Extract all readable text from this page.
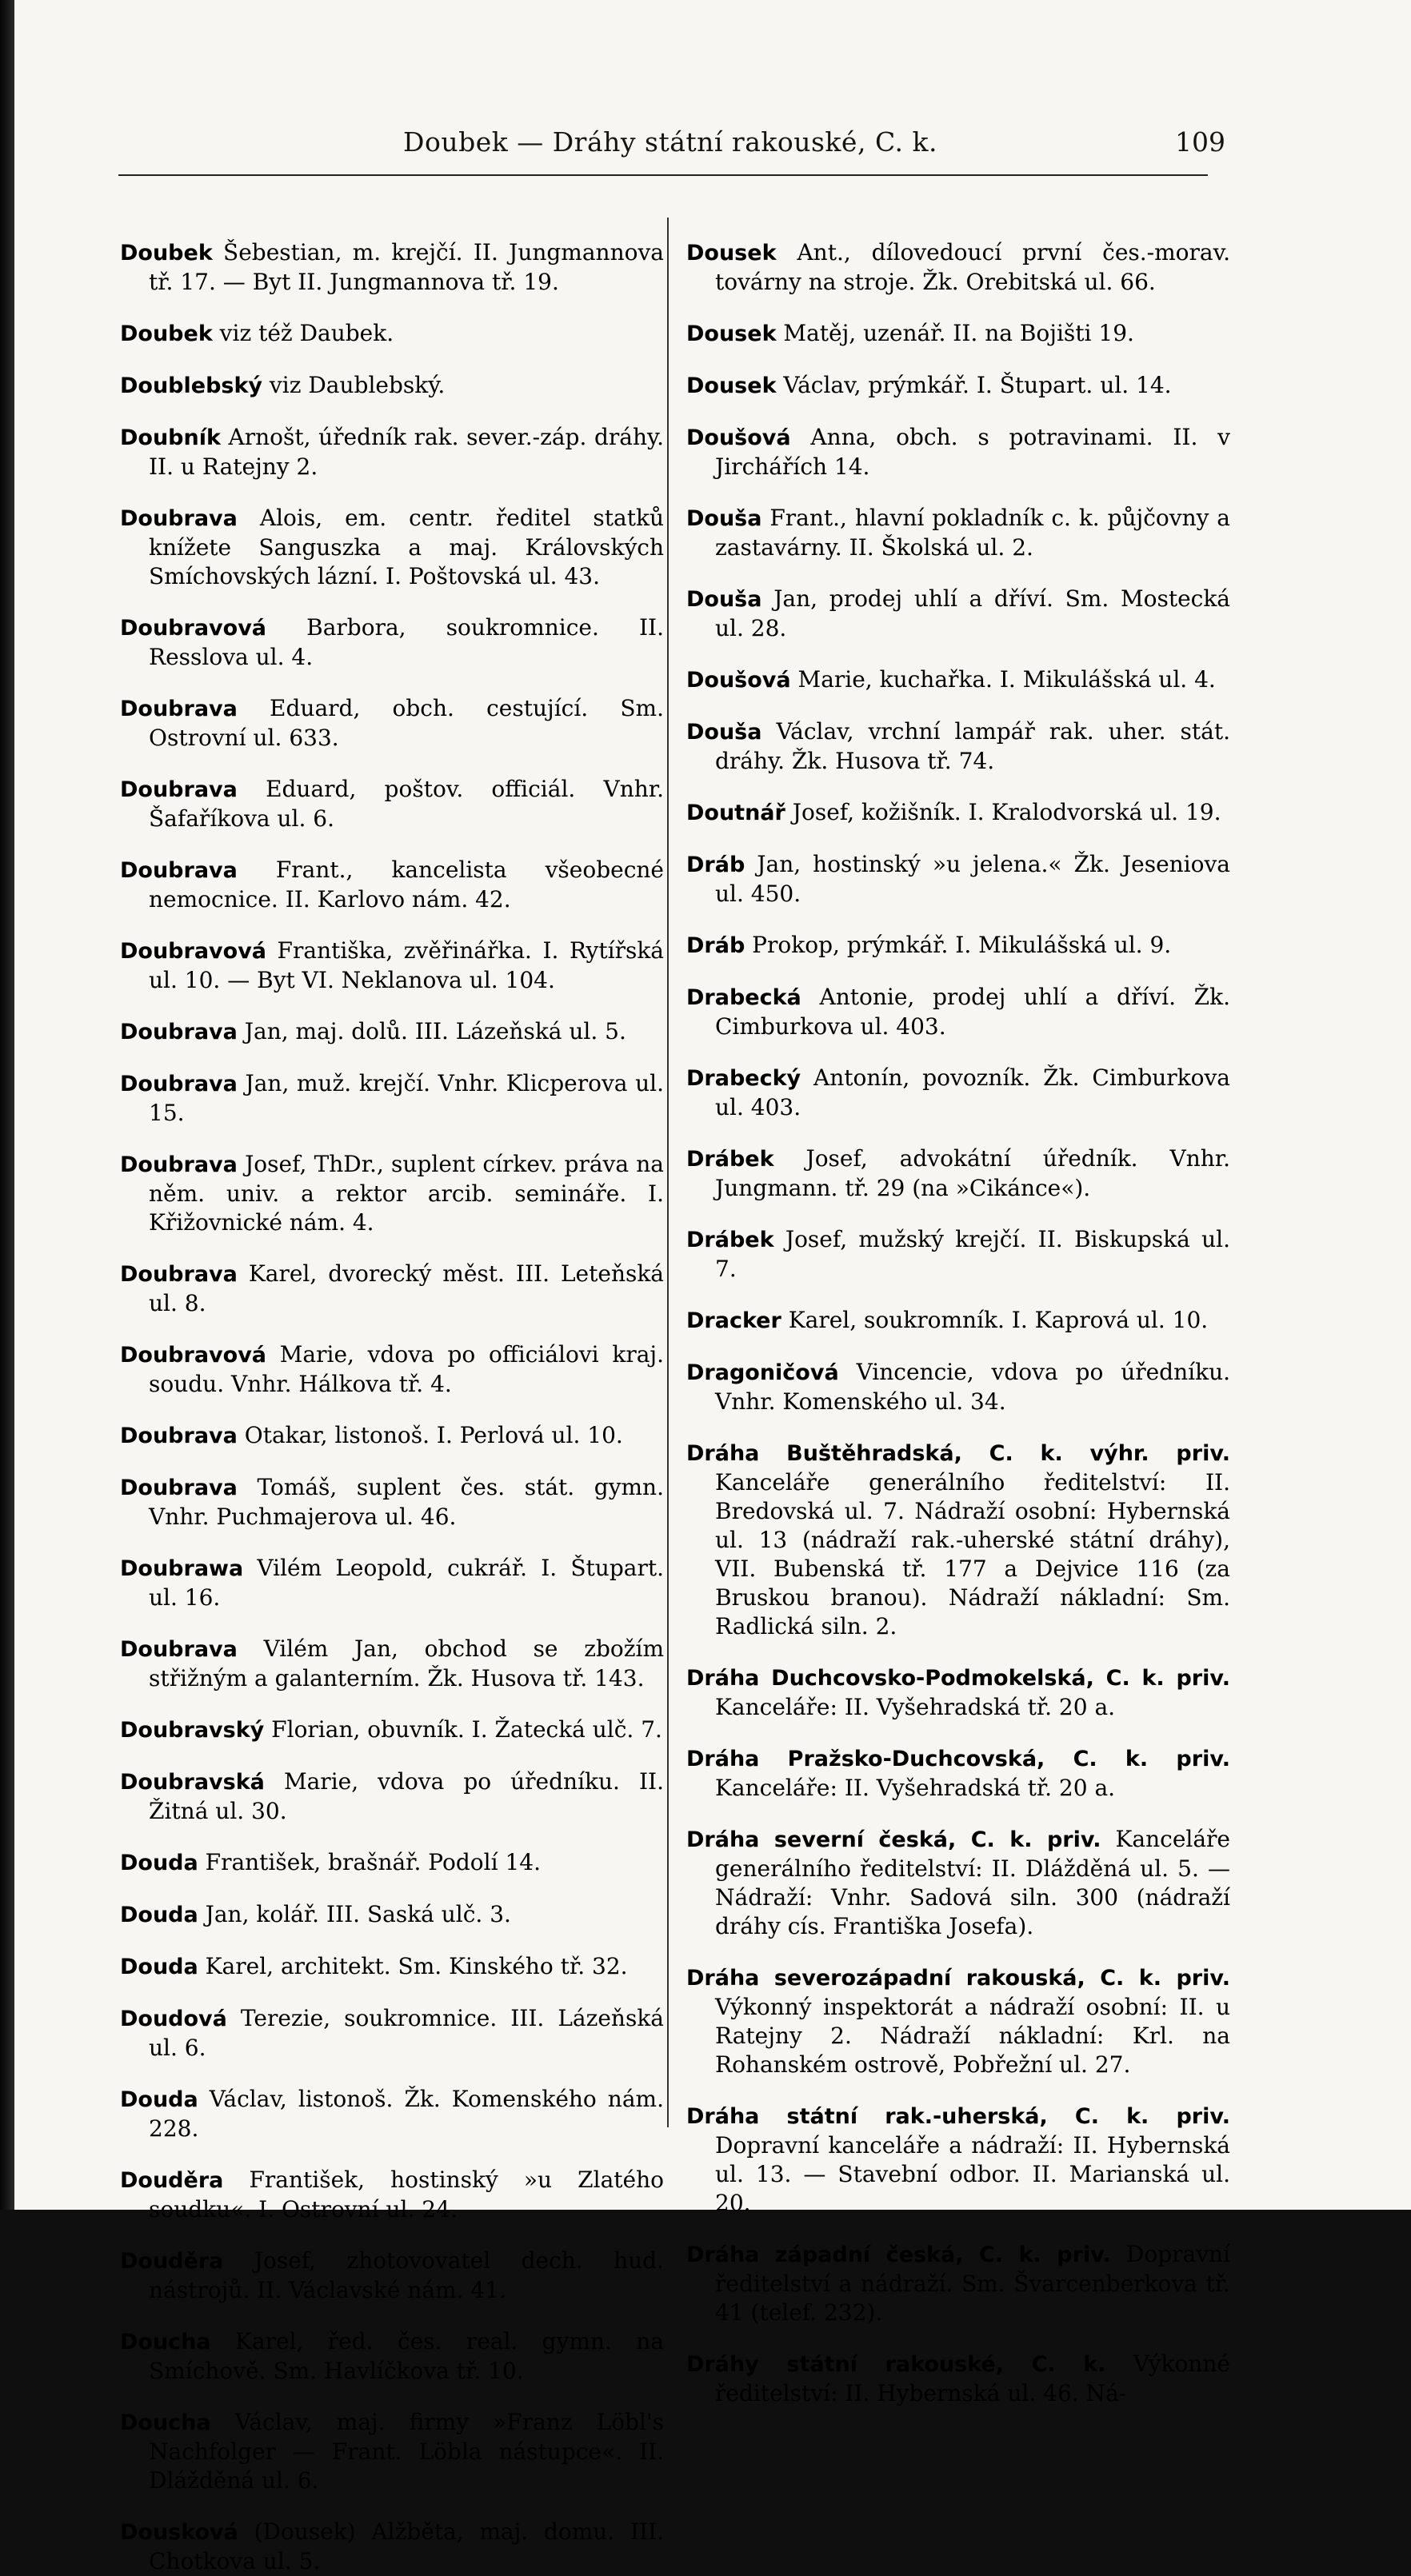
Doubek — Dráhy státní rakouské, C. k.	109

Doubek Šebestian, m. krejčí. II. Jungmannova tř. 17. — Byt II. Jungmannova tř. 19.

Doubek viz též Daubek.

Doublebský viz Daublebský.

Doubník Arnošt, úředník rak. sever.-záp. dráhy. II. u Ratejny 2.

Doubrava Alois, em. centr. ředitel statků knížete Sanguszka a maj. Královských Smíchovských lázní. I. Poštovská ul. 43.

Doubravová Barbora, soukromnice. II. Resslova ul. 4.

Doubrava Eduard, obch. cestující. Sm. Ostrovní ul. 633.

Doubrava Eduard, poštov. officiál. Vnhr. Šafaříkova ul. 6.

Doubrava Frant., kancelista všeobecné nemocnice. II. Karlovo nám. 42.

Doubravová Františka, zvěřinářka. I. Rytířská ul. 10. — Byt VI. Neklanova ul. 104.

Doubrava Jan, maj. dolů. III. Lázeňská ul. 5.

Doubrava Jan, muž. krejčí. Vnhr. Klicperova ul. 15.

Doubrava Josef, ThDr., suplent církev. práva na něm. univ. a rektor arcib. semináře. I. Křižovnické nám. 4.

Doubrava Karel, dvorecký měst. III. Leteňská ul. 8.

Doubravová Marie, vdova po officiálovi kraj. soudu. Vnhr. Hálkova tř. 4.

Doubrava Otakar, listonoš. I. Perlová ul. 10.

Doubrava Tomáš, suplent čes. stát. gymn. Vnhr. Puchmajerova ul. 46.

Doubrawa Vilém Leopold, cukrář. I. Štupart. ul. 16.

Doubrava Vilém Jan, obchod se zbožím střižným a galanterním. Žk. Husova tř. 143.

Doubravský Florian, obuvník. I. Žatecká ulč. 7.

Doubravská Marie, vdova po úředníku. II. Žitná ul. 30.

Douda František, brašnář. Podolí 14.

Douda Jan, kolář. III. Saská ulč. 3.

Douda Karel, architekt. Sm. Kinského tř. 32.

Doudová Terezie, soukromnice. III. Lázeňská ul. 6.

Douda Václav, listonoš. Žk. Komenského nám. 228.

Douděra František, hostinský »u Zlatého soudku«. I. Ostrovní ul. 24.

Douděra Josef, zhotovovatel dech. hud. nástrojů. II. Václavské nám. 41.

Doucha Karel, řed. čes. real. gymn. na Smíchově. Sm. Havlíčkova tř. 10.

Doucha Václav, maj. firmy »Franz Löbl's Nachfolger — Frant. Löbla nástupce«. II. Dlážděná ul. 6.

Dousková (Dousek) Alžběta, maj. domu. III. Chotkova ul. 5.

Dousek Ant., dílovedoucí první čes.-morav. továrny na stroje. Žk. Orebitská ul. 66.

Dousek Matěj, uzenář. II. na Bojišti 19.

Dousek Václav, prýmkář. I. Štupart. ul. 14.

Doušová Anna, obch. s potravinami. II. v Jirchářích 14.

Douša Frant., hlavní pokladník c. k. půjčovny a zastavárny. II. Školská ul. 2.

Douša Jan, prodej uhlí a dříví. Sm. Mostecká ul. 28.

Doušová Marie, kuchařka. I. Mikulášská ul. 4.

Douša Václav, vrchní lampář rak. uher. stát. dráhy. Žk. Husova tř. 74.

Doutnář Josef, kožišník. I. Kralodvorská ul. 19.

Dráb Jan, hostinský »u jelena.« Žk. Jeseniova ul. 450.

Dráb Prokop, prýmkář. I. Mikulášská ul. 9.

Drabecká Antonie, prodej uhlí a dříví. Žk. Cimburkova ul. 403.

Drabecký Antonín, povozník. Žk. Cimburkova ul. 403.

Drábek Josef, advokátní úředník. Vnhr. Jungmann. tř. 29 (na »Cikánce«).

Drábek Josef, mužský krejčí. II. Biskupská ul. 7.

Dracker Karel, soukromník. I. Kaprová ul. 10.

Dragoničová Vincencie, vdova po úředníku. Vnhr. Komenského ul. 34.

Dráha Buštěhradská, C. k. výhr. priv. Kanceláře generálního ředitelství: II. Bredovská ul. 7. Nádraží osobní: Hybernská ul. 13 (nádraží rak.-uherské státní dráhy), VII. Bubenská tř. 177 a Dejvice 116 (za Bruskou branou). Nádraží nákladní: Sm. Radlická siln. 2.

Dráha Duchcovsko-Podmokelská, C. k. priv. Kanceláře: II. Vyšehradská tř. 20 a.

Dráha Pražsko-Duchcovská, C. k. priv. Kanceláře: II. Vyšehradská tř. 20 a.

Dráha severní česká, C. k. priv. Kanceláře generálního ředitelství: II. Dlážděná ul. 5. — Nádraží: Vnhr. Sadová siln. 300 (nádraží dráhy cís. Františka Josefa).

Dráha severozápadní rakouská, C. k. priv. Výkonný inspektorát a nádraží osobní: II. u Ratejny 2. Nádraží nákladní: Krl. na Rohanském ostrově, Pobřežní ul. 27.

Dráha státní rak.-uherská, C. k. priv. Dopravní kanceláře a nádraží: II. Hybernská ul. 13. — Stavební odbor. II. Marianská ul. 20.

Dráha západní česká, C. k. priv. Dopravní ředitelství a nádraží. Sm. Švarcenberkova tř. 41 (telef. 232).

Dráhy státní rakouské, C. k. Výkonné ředitelství: II. Hybernská ul. 46. Ná-
